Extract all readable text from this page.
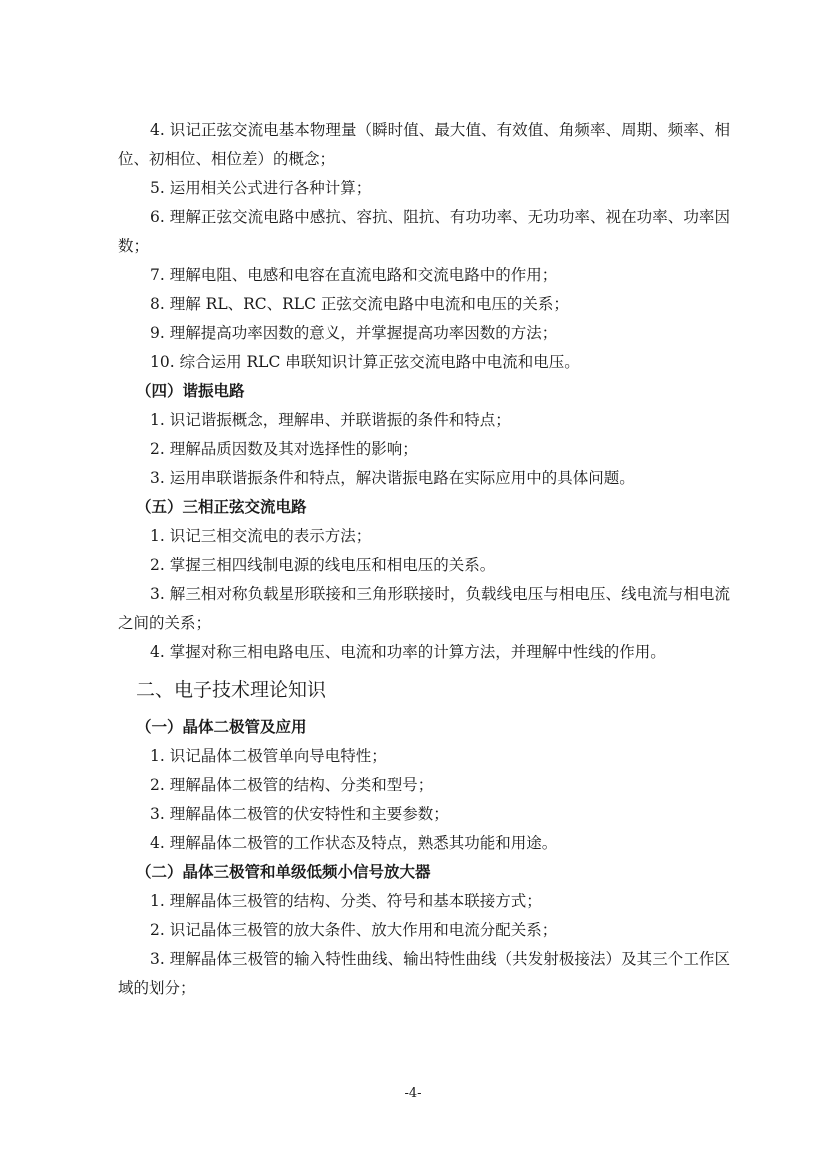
4. 识记正弦交流电基本物理量（瞬时值、最大值、有效值、角频率、周期、频率、相位、初相位、相位差）的概念；

5. 运用相关公式进行各种计算；

6. 理解正弦交流电路中感抗、容抗、阻抗、有功功率、无功功率、视在功率、功率因数；

7. 理解电阻、电感和电容在直流电路和交流电路中的作用；

8. 理解 RL、RC、RLC 正弦交流电路中电流和电压的关系；

9. 理解提高功率因数的意义，并掌握提高功率因数的方法；

10. 综合运用 RLC 串联知识计算正弦交流电路中电流和电压。

（四）谐振电路

1. 识记谐振概念，理解串、并联谐振的条件和特点；

2. 理解品质因数及其对选择性的影响；

3. 运用串联谐振条件和特点，解决谐振电路在实际应用中的具体问题。

（五）三相正弦交流电路

1. 识记三相交流电的表示方法；

2. 掌握三相四线制电源的线电压和相电压的关系。

3. 解三相对称负载星形联接和三角形联接时，负载线电压与相电压、线电流与相电流之间的关系；

4. 掌握对称三相电路电压、电流和功率的计算方法，并理解中性线的作用。

二、电子技术理论知识

（一）晶体二极管及应用

1. 识记晶体二极管单向导电特性；

2. 理解晶体二极管的结构、分类和型号；

3. 理解晶体二极管的伏安特性和主要参数；

4. 理解晶体二极管的工作状态及特点，熟悉其功能和用途。

（二）晶体三极管和单级低频小信号放大器

1. 理解晶体三极管的结构、分类、符号和基本联接方式；

2. 识记晶体三极管的放大条件、放大作用和电流分配关系；

3. 理解晶体三极管的输入特性曲线、输出特性曲线（共发射极接法）及其三个工作区域的划分；

-4-
